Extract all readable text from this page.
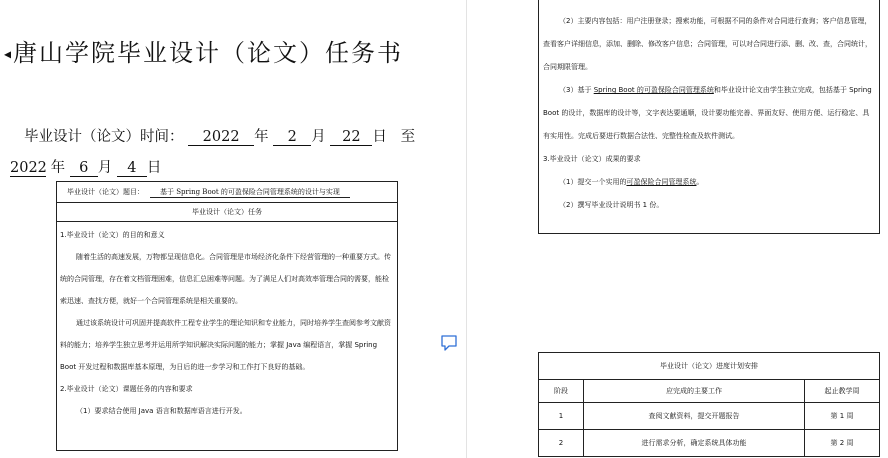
◂唐山学院毕业设计（论文）任务书
毕业设计（论文）时间： 2022 年 2 月 22 日 至
2022 年 6 月 4 日
毕业设计（论文）题目：	基于 Spring Boot 的可盈保险合同管理系统的设计与实现
毕业设计（论文）任务

1.毕业设计（论文）的目的和意义

随着生活的高速发展，万物都呈现信息化。合同管理是市场经济化条件下经营管理的一种重要方式。传统的合同管理，存在着文档管理困难，信息汇总困难等问题。为了满足人们对高效率管理合同的需要，能检索迅速、查找方便，就好一个合同管理系统是相关重要的。

通过该系统设计可巩固并提高软件工程专业学生的理论知识和专业能力，同时培养学生查阅参考文献资料的能力；培养学生独立思考并运用所学知识解决实际问题的能力；掌握 Java 编程语言，掌握 Spring Boot 开发过程和数据库基本原理，为日后的进一步学习和工作打下良好的基础。

2.毕业设计（论文）课题任务的内容和要求

（1）要求结合使用 Java 语言和数据库语言进行开发。

（2）主要内容包括：用户注册登录；搜索功能，可根据不同的条件对合同进行查询；客户信息管理，查看客户详细信息，添加、删除、修改客户信息；合同管理，可以对合同进行添、删、改、查，合同统计，合同期限管理。

（3）基于 Spring Boot 的可盈保险合同管理系统和毕业设计论文由学生独立完成，包括基于 Spring Boot 的设计，数据库的设计等，文字表达要通顺，设计要功能完善、界面友好、使用方便、运行稳定、具有实用性。完成后要进行数据合法性、完整性检查及软件测试。

3.毕业设计（论文）成果的要求

（1）提交一个实用的可盈保险合同管理系统。

（2）撰写毕业设计说明书 1 份。

毕业设计（论文）进度计划安排		
阶段	应完成的主要工作	起止教学周
1	查阅文献资料，提交开题报告	第 1 周
2	进行需求分析，确定系统具体功能	第 2 周
